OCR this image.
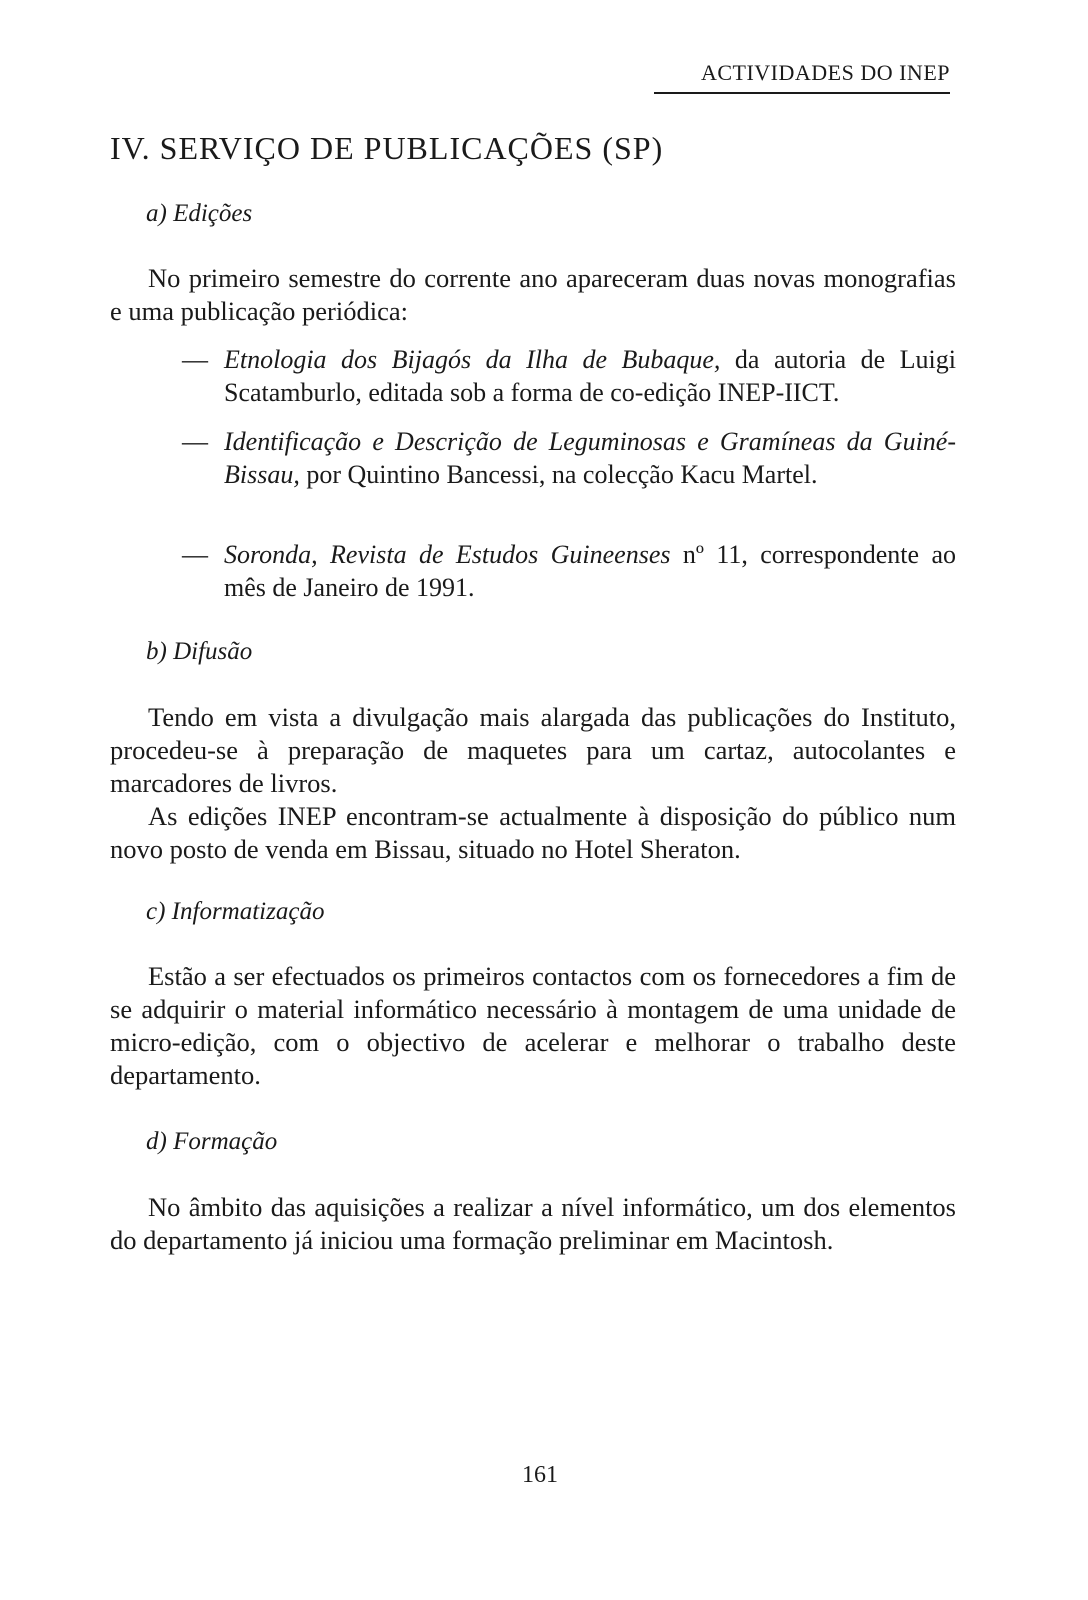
ACTIVIDADES DO INEP
IV. SERVIÇO DE PUBLICAÇÕES (SP)
a) Edições

No primeiro semestre do corrente ano apareceram duas novas monografias e uma publicação periódica:

— Etnologia dos Bijagós da Ilha de Bubaque, da autoria de Luigi Scatamburlo, editada sob a forma de co-edição INEP-IICT.
— Identificação e Descrição de Leguminosas e Gramíneas da Guiné-Bissau, por Quintino Bancessi, na colecção Kacu Martel.
— Soronda, Revista de Estudos Guineenses nº 11, correspondente ao mês de Janeiro de 1991.
b) Difusão

Tendo em vista a divulgação mais alargada das publicações do Instituto, procedeu-se à preparação de maquetes para um cartaz, autocolantes e marcadores de livros.

As edições INEP encontram-se actualmente à disposição do público num novo posto de venda em Bissau, situado no Hotel Sheraton.

c) Informatização

Estão a ser efectuados os primeiros contactos com os fornecedores a fim de se adquirir o material informático necessário à montagem de uma unidade de micro-edição, com o objectivo de acelerar e melhorar o trabalho deste departamento.

d) Formação

No âmbito das aquisições a realizar a nível informático, um dos elementos do departamento já iniciou uma formação preliminar em Macintosh.

161
